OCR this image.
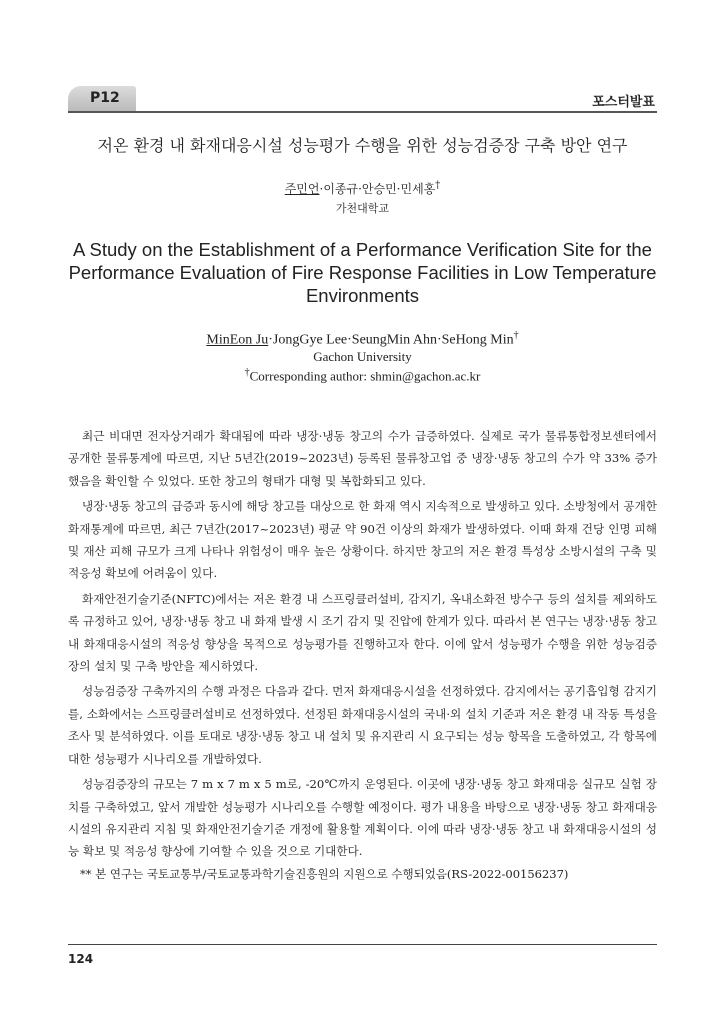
P12	포스터발표
저온 환경 내 화재대응시설 성능평가 수행을 위한 성능검증장 구축 방안 연구
주민언·이종규·안승민·민세홍†
가천대학교
A Study on the Establishment of a Performance Verification Site for the Performance Evaluation of Fire Response Facilities in Low Temperature Environments
MinEon Ju·JongGye Lee·SeungMin Ahn·SeHong Min†
Gachon University
†Corresponding author: shmin@gachon.ac.kr

최근 비대면 전자상거래가 확대됨에 따라 냉장·냉동 창고의 수가 급증하였다. 실제로 국가 물류통합정보센터에서 공개한 물류통계에 따르면, 지난 5년간(2019~2023년) 등록된 물류창고업 중 냉장·냉동 창고의 수가 약 33% 증가했음을 확인할 수 있었다. 또한 창고의 형태가 대형 및 복합화되고 있다.

냉장·냉동 창고의 급증과 동시에 해당 창고를 대상으로 한 화재 역시 지속적으로 발생하고 있다. 소방청에서 공개한 화재통계에 따르면, 최근 7년간(2017~2023년) 평균 약 90건 이상의 화재가 발생하였다. 이때 화재 건당 인명 피해 및 재산 피해 규모가 크게 나타나 위험성이 매우 높은 상황이다. 하지만 창고의 저온 환경 특성상 소방시설의 구축 및 적응성 확보에 어려움이 있다.

화재안전기술기준(NFTC)에서는 저온 환경 내 스프링클러설비, 감지기, 옥내소화전 방수구 등의 설치를 제외하도록 규정하고 있어, 냉장·냉동 창고 내 화재 발생 시 조기 감지 및 진압에 한계가 있다. 따라서 본 연구는 냉장·냉동 창고 내 화재대응시설의 적응성 향상을 목적으로 성능평가를 진행하고자 한다. 이에 앞서 성능평가 수행을 위한 성능검증장의 설치 및 구축 방안을 제시하였다.

성능검증장 구축까지의 수행 과정은 다음과 같다. 먼저 화재대응시설을 선정하였다. 감지에서는 공기흡입형 감지기를, 소화에서는 스프링클러설비로 선정하였다. 선정된 화재대응시설의 국내·외 설치 기준과 저온 환경 내 작동 특성을 조사 및 분석하였다. 이를 토대로 냉장·냉동 창고 내 설치 및 유지관리 시 요구되는 성능 항목을 도출하였고, 각 항목에 대한 성능평가 시나리오를 개발하였다.

성능검증장의 규모는 7 m x 7 m x 5 m로, -20℃까지 운영된다. 이곳에 냉장·냉동 창고 화재대응 실규모 실험 장치를 구축하였고, 앞서 개발한 성능평가 시나리오를 수행할 예정이다. 평가 내용을 바탕으로 냉장·냉동 창고 화재대응시설의 유지관리 지침 및 화재안전기술기준 개정에 활용할 계획이다. 이에 따라 냉장·냉동 창고 내 화재대응시설의 성능 확보 및 적응성 향상에 기여할 수 있을 것으로 기대한다.

** 본 연구는 국토교통부/국토교통과학기술진흥원의 지원으로 수행되었음(RS-2022-00156237)
124
